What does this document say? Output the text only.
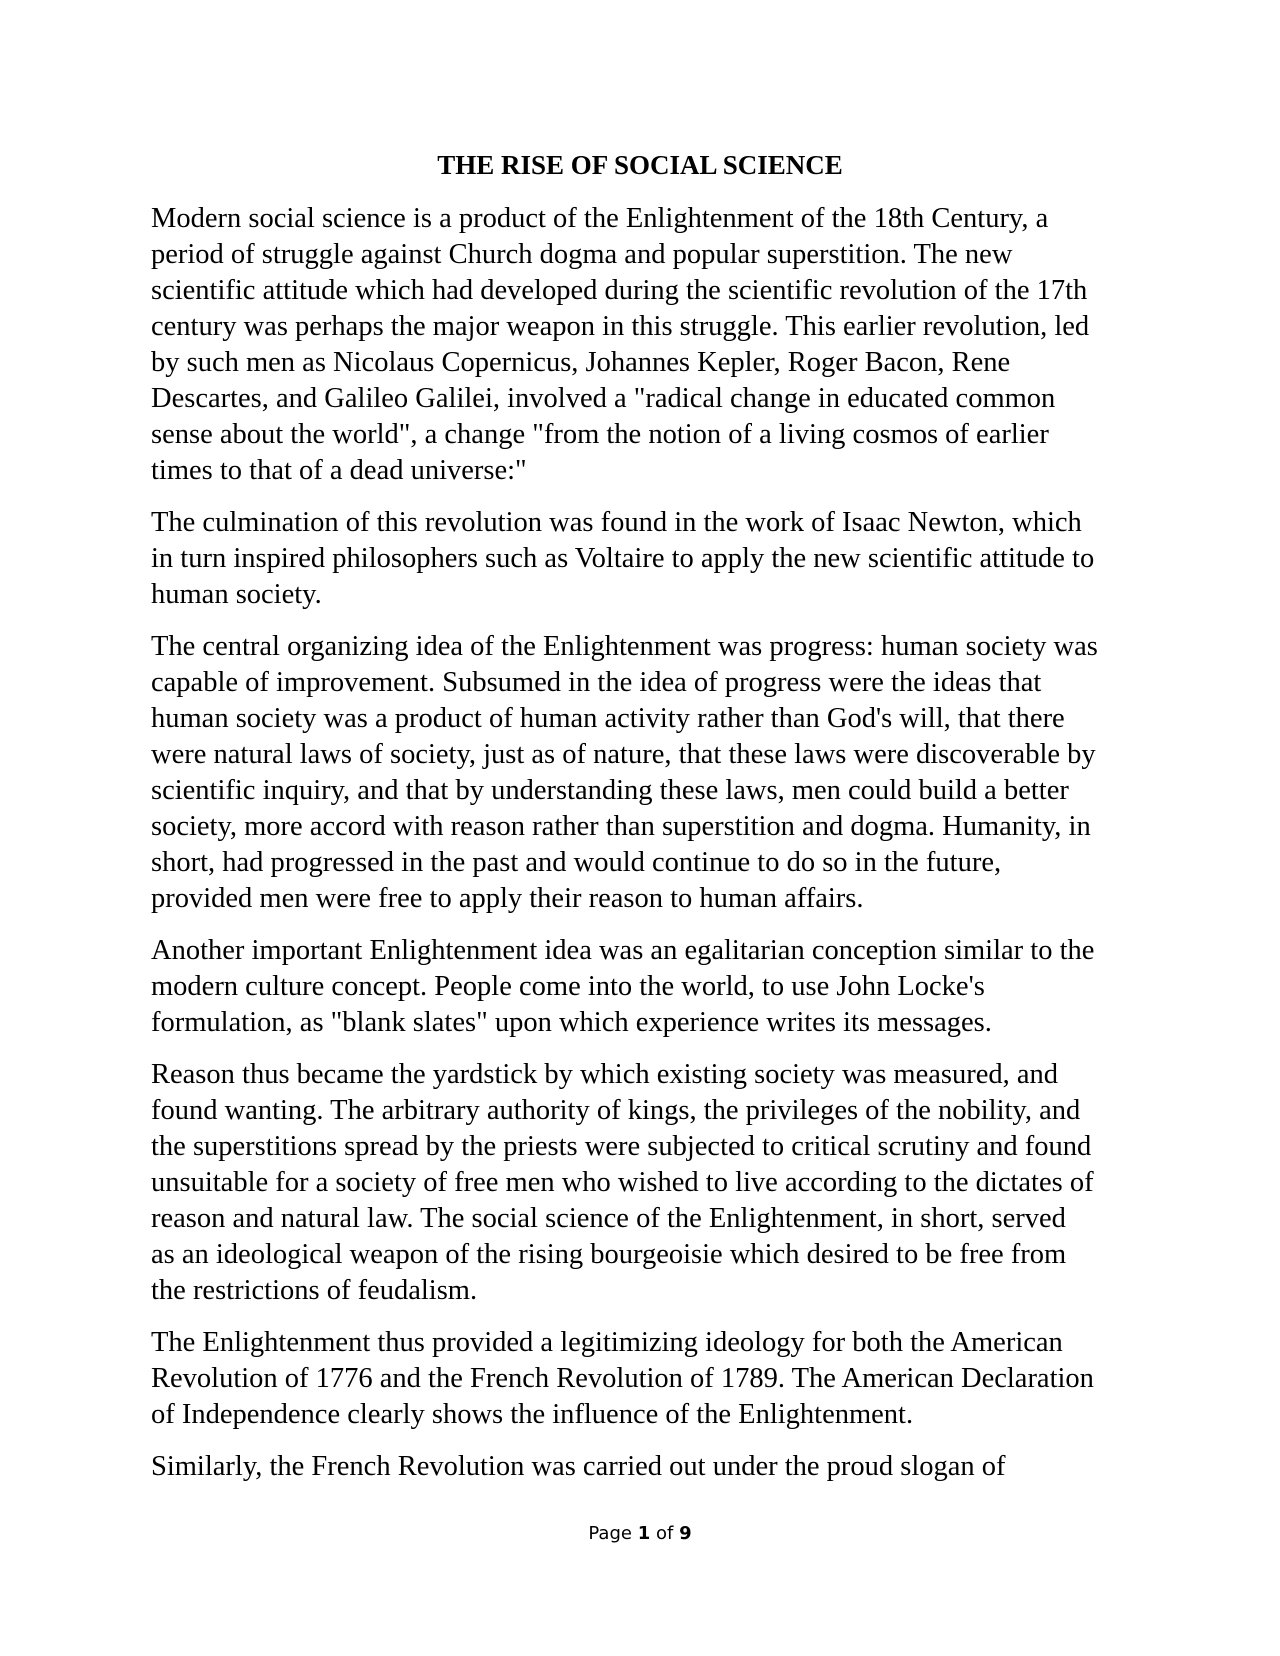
THE RISE OF SOCIAL SCIENCE

Modern social science is a product of the Enlightenment of the 18th Century, a
period of struggle against Church dogma and popular superstition. The new
scientific attitude which had developed during the scientific revolution of the 17th
century was perhaps the major weapon in this struggle. This earlier revolution, led
by such men as Nicolaus Copernicus, Johannes Kepler, Roger Bacon, Rene
Descartes, and Galileo Galilei, involved a "radical change in educated common
sense about the world", a change "from the notion of a living cosmos of earlier
times to that of a dead universe:"

The culmination of this revolution was found in the work of Isaac Newton, which
in turn inspired philosophers such as Voltaire to apply the new scientific attitude to
human society.

The central organizing idea of the Enlightenment was progress: human society was
capable of improvement. Subsumed in the idea of progress were the ideas that
human society was a product of human activity rather than God's will, that there
were natural laws of society, just as of nature, that these laws were discoverable by
scientific inquiry, and that by understanding these laws, men could build a better
society, more accord with reason rather than superstition and dogma. Humanity, in
short, had progressed in the past and would continue to do so in the future,
provided men were free to apply their reason to human affairs.

Another important Enlightenment idea was an egalitarian conception similar to the
modern culture concept. People come into the world, to use John Locke's
formulation, as "blank slates" upon which experience writes its messages.

Reason thus became the yardstick by which existing society was measured, and
found wanting. The arbitrary authority of kings, the privileges of the nobility, and
the superstitions spread by the priests were subjected to critical scrutiny and found
unsuitable for a society of free men who wished to live according to the dictates of
reason and natural law. The social science of the Enlightenment, in short, served
as an ideological weapon of the rising bourgeoisie which desired to be free from
the restrictions of feudalism.

The Enlightenment thus provided a legitimizing ideology for both the American
Revolution of 1776 and the French Revolution of 1789. The American Declaration
of Independence clearly shows the influence of the Enlightenment.

Similarly, the French Revolution was carried out under the proud slogan of

Page 1 of 9
